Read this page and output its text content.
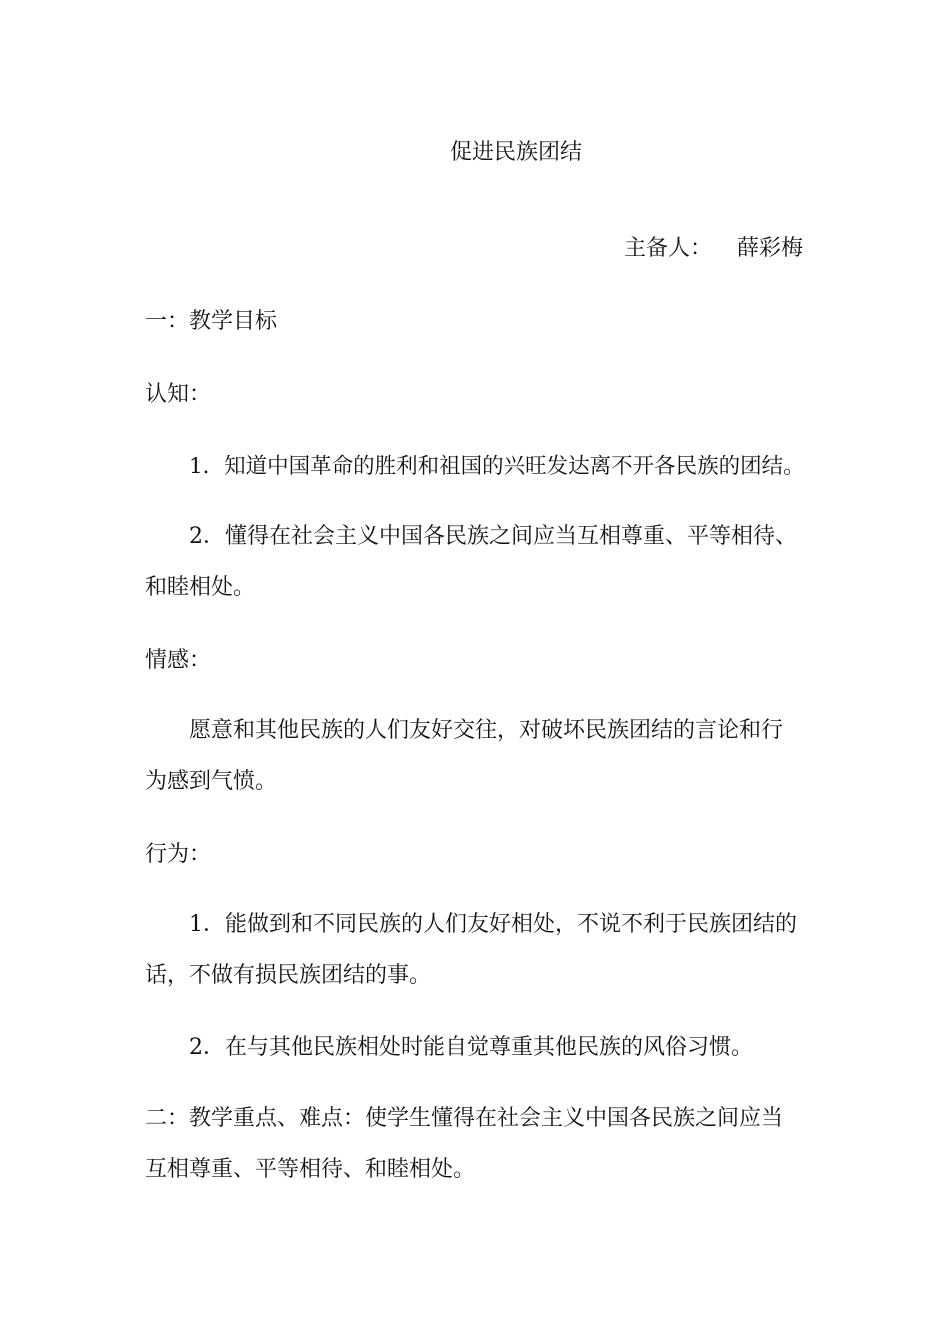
促进民族团结
主备人： 薛彩梅
一：教学目标

认知：

1．知道中国革命的胜利和祖国的兴旺发达离不开各民族的团结。

2．懂得在社会主义中国各民族之间应当互相尊重、平等相待、

和睦相处。

情感：

愿意和其他民族的人们友好交往，对破坏民族团结的言论和行

为感到气愤。

行为：

1．能做到和不同民族的人们友好相处，不说不利于民族团结的

话，不做有损民族团结的事。

2．在与其他民族相处时能自觉尊重其他民族的风俗习惯。

二：教学重点、难点：使学生懂得在社会主义中国各民族之间应当

互相尊重、平等相待、和睦相处。
